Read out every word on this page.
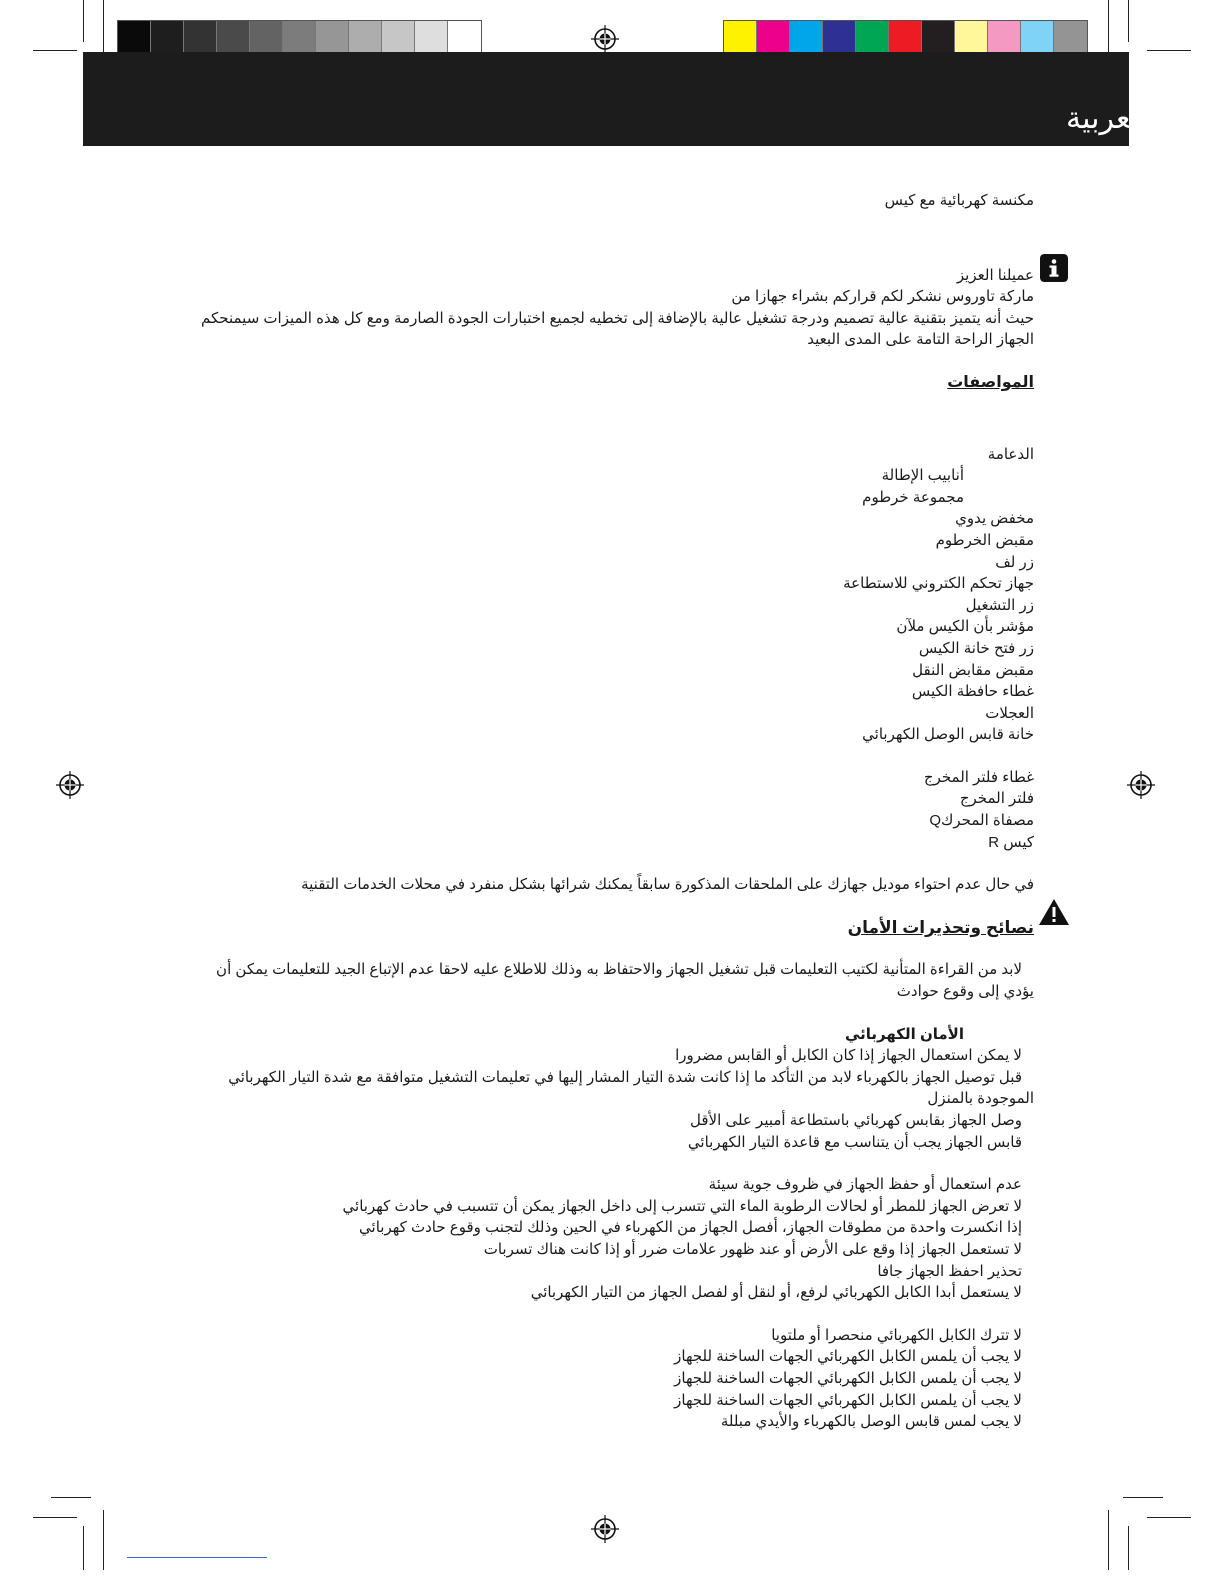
العربية
مكنسة كهربائية مع كيس
عميلنا العزيز
ماركة تاوروس نشكر لكم قراركم بشراء جهازا من
حيث أنه يتميز بتقنية عالية تصميم ودرجة تشغيل عالية بالإضافة إلى تخطيه لجميع اختبارات الجودة الصارمة ومع كل هذه الميزات سيمنحكم
الجهاز الراحة التامة على المدى البعيد
المواصفات
الدعامة
أنابيب الإطالة
مجموعة خرطوم
مخفض يدوي
مقبض الخرطوم
زر لف
جهاز تحكم الكتروني للاستطاعة
زر التشغيل
مؤشر بأن الكيس ملآن
زر فتح خانة الكيس
مقبض مقابض النقل
غطاء حافظة الكيس
العجلات
خانة قابس الوصل الكهربائي
غطاء فلتر المخرج
فلتر المخرج
مصفاة المحركQ
كيس R
في حال عدم احتواء موديل جهازك على الملحقات المذكورة سابقاً يمكنك شرائها بشكل منفرد في محلات الخدمات التقنية
نصائح وتحذيرات الأمان
لابد من القراءة المتأنية لكتيب التعليمات قبل تشغيل الجهاز والاحتفاظ به وذلك للاطلاع عليه لاحقا عدم الإتباع الجيد للتعليمات يمكن أن
يؤدي إلى وقوع حوادث
الأمان الكهربائي
لا يمكن استعمال الجهاز إذا كان الكابل أو القابس مضرورا
قبل توصيل الجهاز بالكهرباء لابد من التأكد ما إذا كانت شدة التيار المشار إليها في تعليمات التشغيل متوافقة مع شدة التيار الكهربائي
الموجودة بالمنزل
وصل الجهاز بقابس كهربائي باستطاعة أمبير على الأقل
قابس الجهاز يجب أن يتناسب مع قاعدة التيار الكهربائي
عدم استعمال أو حفظ الجهاز في ظروف جوية سيئة
لا تعرض الجهاز للمطر أو لحالات الرطوبة الماء التي تتسرب إلى داخل الجهاز يمكن أن تتسبب في حادث كهربائي
إذا انكسرت واحدة من مطوقات الجهاز، أفصل الجهاز من الكهرباء في الحين وذلك لتجنب وقوع حادث كهربائي
لا تستعمل الجهاز إذا وقع على الأرض أو عند ظهور علامات ضرر أو إذا كانت هناك تسربات
تحذير احفظ الجهاز جافا
لا يستعمل أبدا الكابل الكهربائي لرفع، أو لنقل أو لفصل الجهاز من التيار الكهربائي
لا تترك الكابل الكهربائي منحصرا أو ملتويا
لا يجب أن يلمس الكابل الكهربائي الجهات الساخنة للجهاز
لا يجب أن يلمس الكابل الكهربائي الجهات الساخنة للجهاز
لا يجب أن يلمس الكابل الكهربائي الجهات الساخنة للجهاز
لا يجب لمس قابس الوصل بالكهرباء والأيدي مبللة
